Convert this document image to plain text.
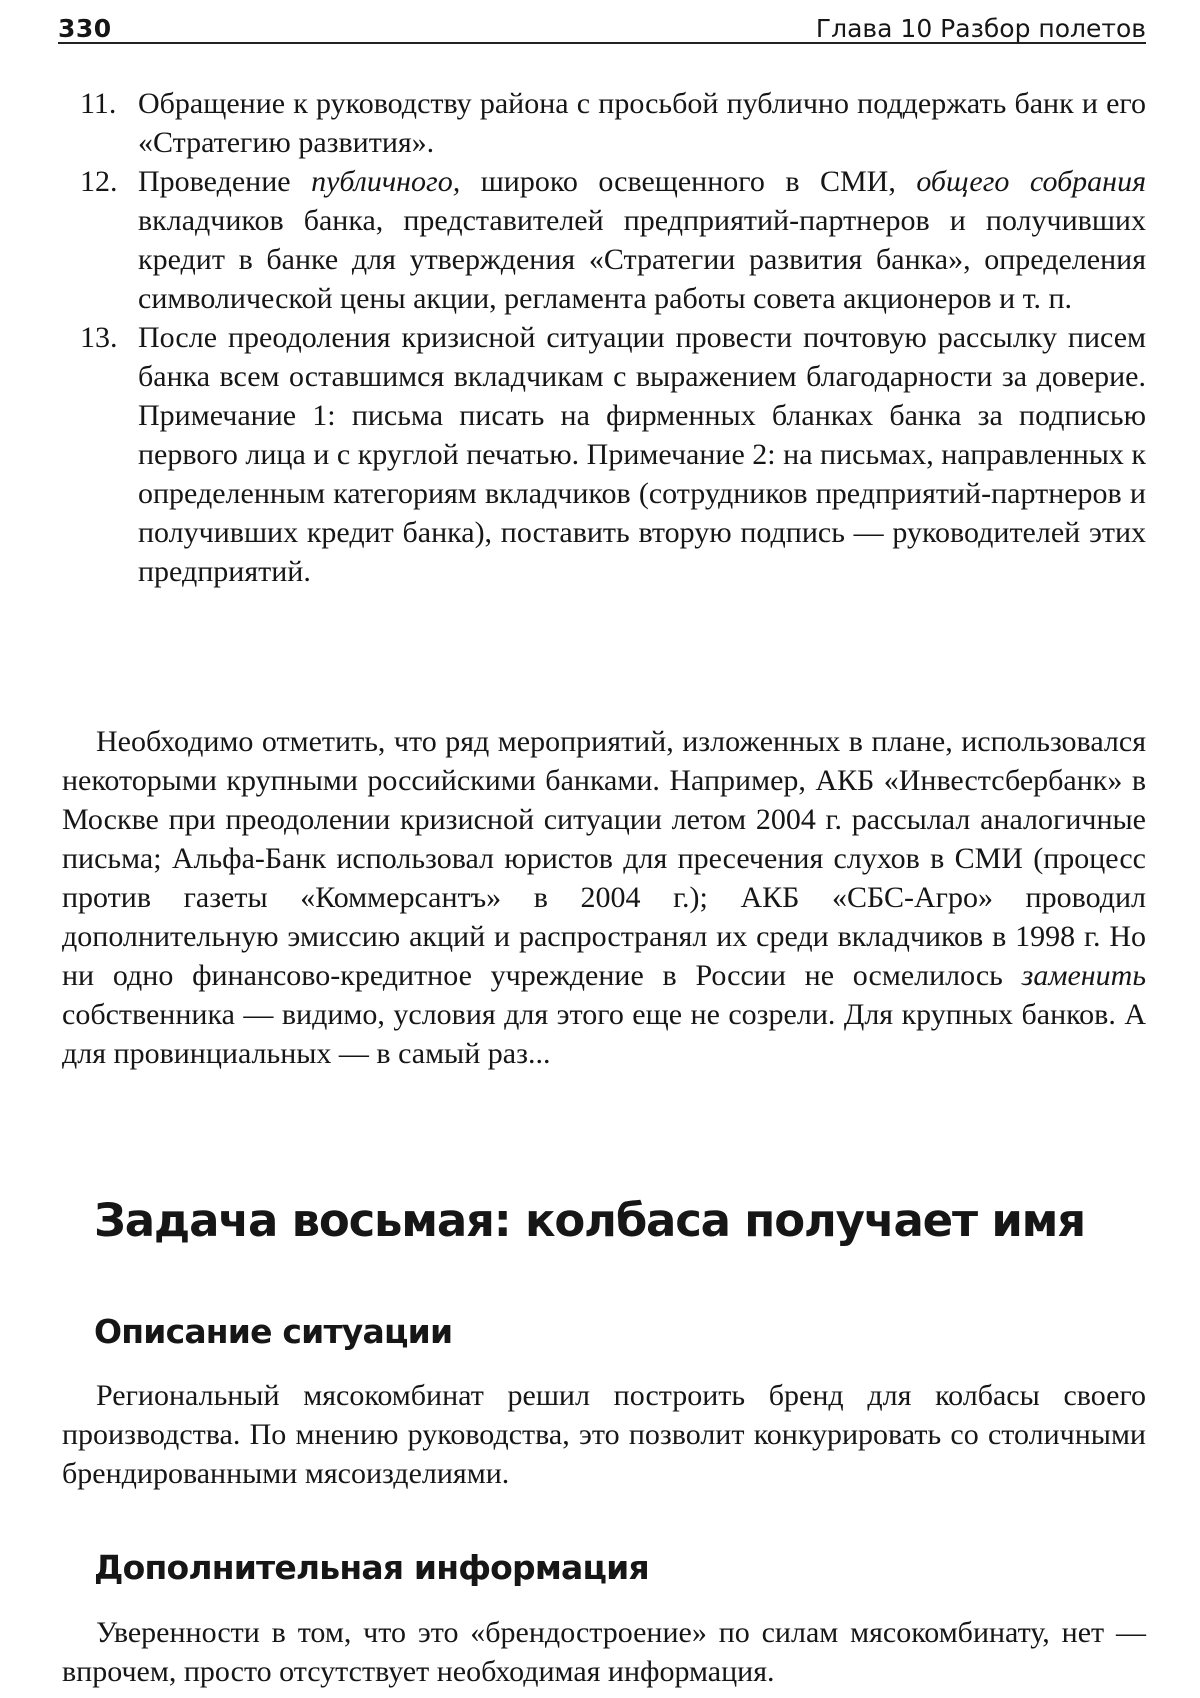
330	Глава 10 Разбор полетов
11. Обращение к руководству района с просьбой публично поддержать банк и его «Стратегию развития».
12. Проведение публичного, широко освещенного в СМИ, общего собрания вкладчиков банка, представителей предприятий-партнеров и получивших кредит в банке для утверждения «Стратегии развития банка», определения символической цены акции, регламента работы совета акционеров и т. п.
13. После преодоления кризисной ситуации провести почтовую рассылку писем банка всем оставшимся вкладчикам с выражением благодарности за доверие. Примечание 1: письма писать на фирменных бланках банка за подписью первого лица и с круглой печатью. Примечание 2: на письмах, направленных к определенным категориям вкладчиков (сотрудников предприятий-партнеров и получивших кредит банка), поставить вторую подпись — руководителей этих предприятий.
Необходимо отметить, что ряд мероприятий, изложенных в плане, использовался некоторыми крупными российскими банками. Например, АКБ «Инвестсбербанк» в Москве при преодолении кризисной ситуации летом 2004 г. рассылал аналогичные письма; Альфа-Банк использовал юристов для пресечения слухов в СМИ (процесс против газеты «Коммерсантъ» в 2004 г.); АКБ «СБС-Агро» проводил дополнительную эмиссию акций и распространял их среди вкладчиков в 1998 г. Но ни одно финансово-кредитное учреждение в России не осмелилось заменить собственника — видимо, условия для этого еще не созрели. Для крупных банков. А для провинциальных — в самый раз...
Задача восьмая: колбаса получает имя
Описание ситуации
Региональный мясокомбинат решил построить бренд для колбасы своего производства. По мнению руководства, это позволит конкурировать со столичными брендированными мясоизделиями.
Дополнительная информация
Уверенности в том, что это «брендостроение» по силам мясокомбинату, нет — впрочем, просто отсутствует необходимая информация.
